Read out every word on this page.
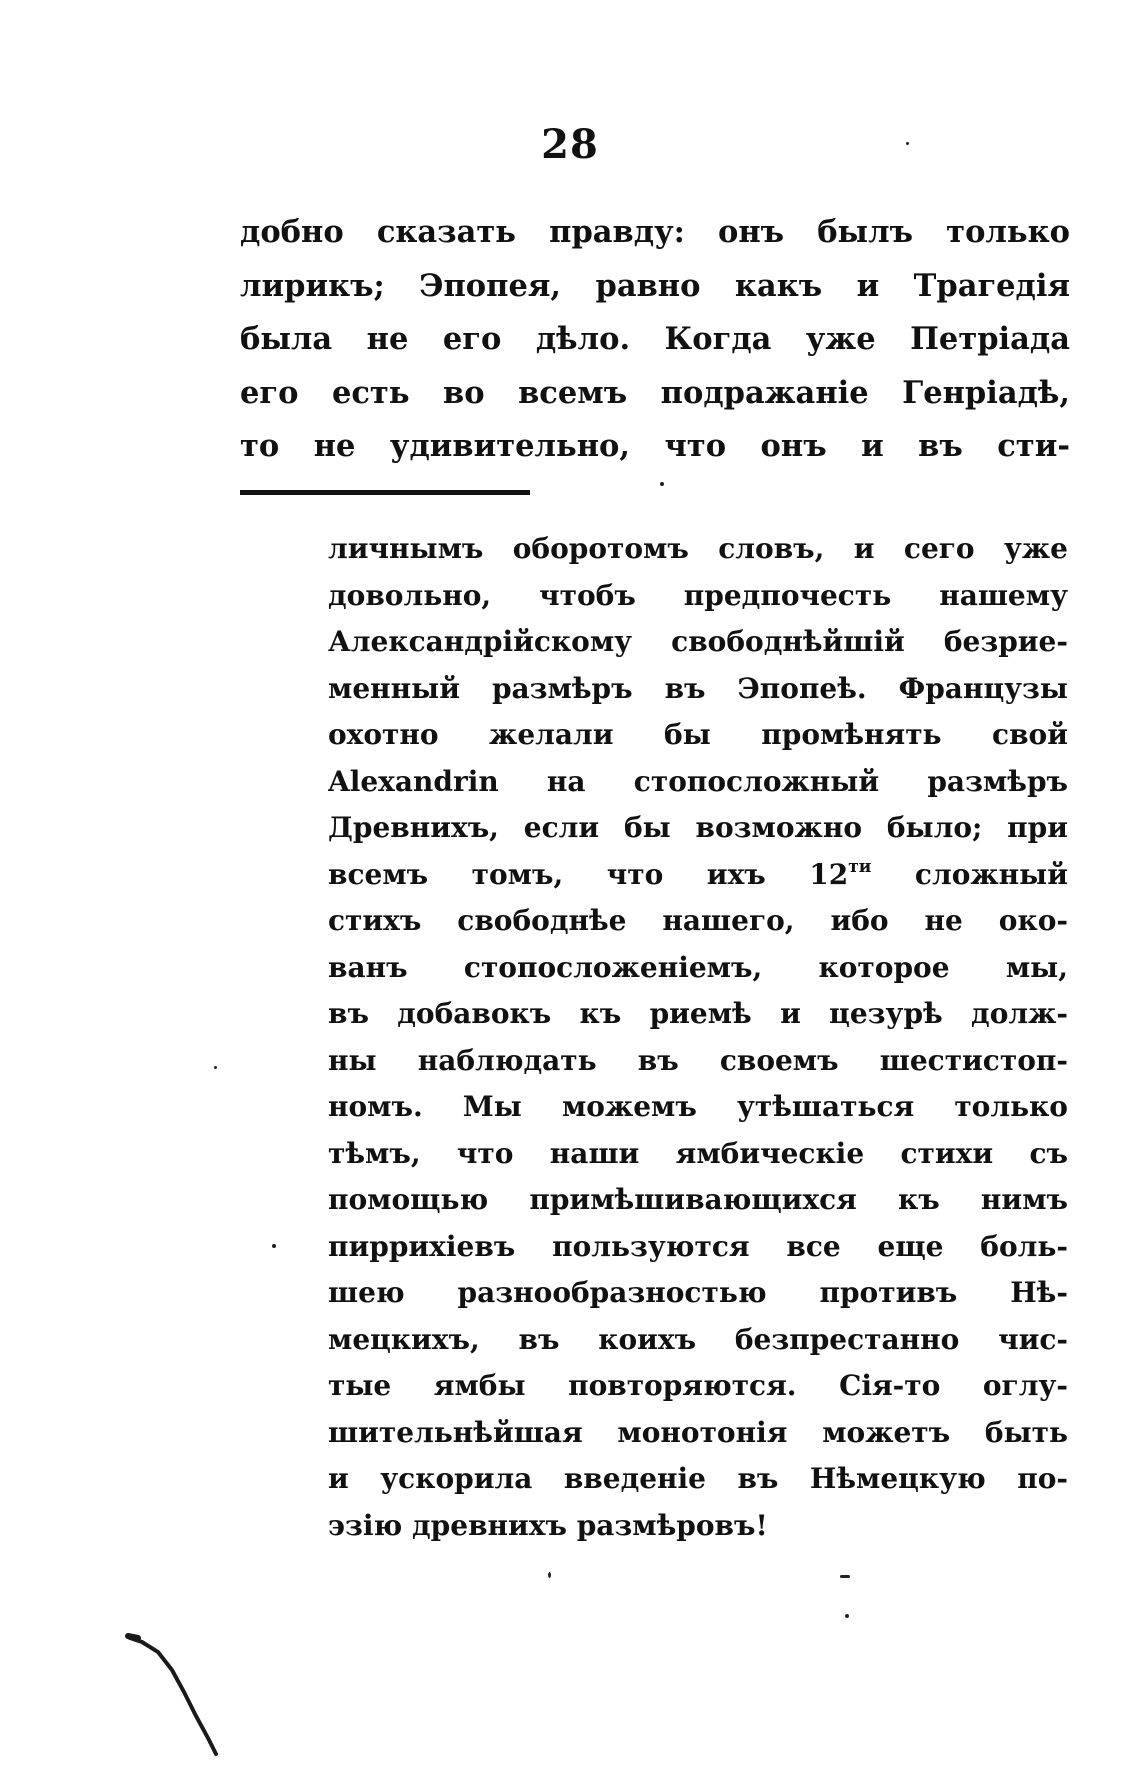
28
добно сказать правду: онъ былъ только
лирикъ; Эпопея, равно какъ и Трагедія
была не его дѣло. Когда уже Петріада
его есть во всемъ подражаніе Генріадѣ,
то не удивительно, что онъ и въ сти-
личнымъ оборотомъ словъ, и сего уже
довольно, чтобъ предпочесть нашему
Александрійскому свободнѣйшій безрие-
менный размѣръ въ Эпопеѣ. Французы
охотно желали бы промѣнять свой
Alexandrin на стопосложный размѣръ
Древнихъ, если бы возможно было; при
всемъ томъ, что ихъ $12^{ти}$ сложный
стихъ свободнѣе нашего, ибо не око-
ванъ стопосложеніемъ, которое мы,
въ добавокъ къ риемѣ и цезурѣ долж-
ны наблюдать въ своемъ шестистоп-
номъ. Мы можемъ утѣшаться только
тѣмъ, что наши ямбическіе стихи съ
помощью примѣшивающихся къ нимъ
пиррихіевъ пользуются все еще боль-
шею разнообразностью противъ Нѣ-
мецкихъ, въ коихъ безпрестанно чис-
тые ямбы повторяются. Сія-то оглу-
шительнѣйшая монотонія можетъ быть
и ускорила введеніе въ Нѣмецкую по-
эзію древнихъ размѣровъ!
